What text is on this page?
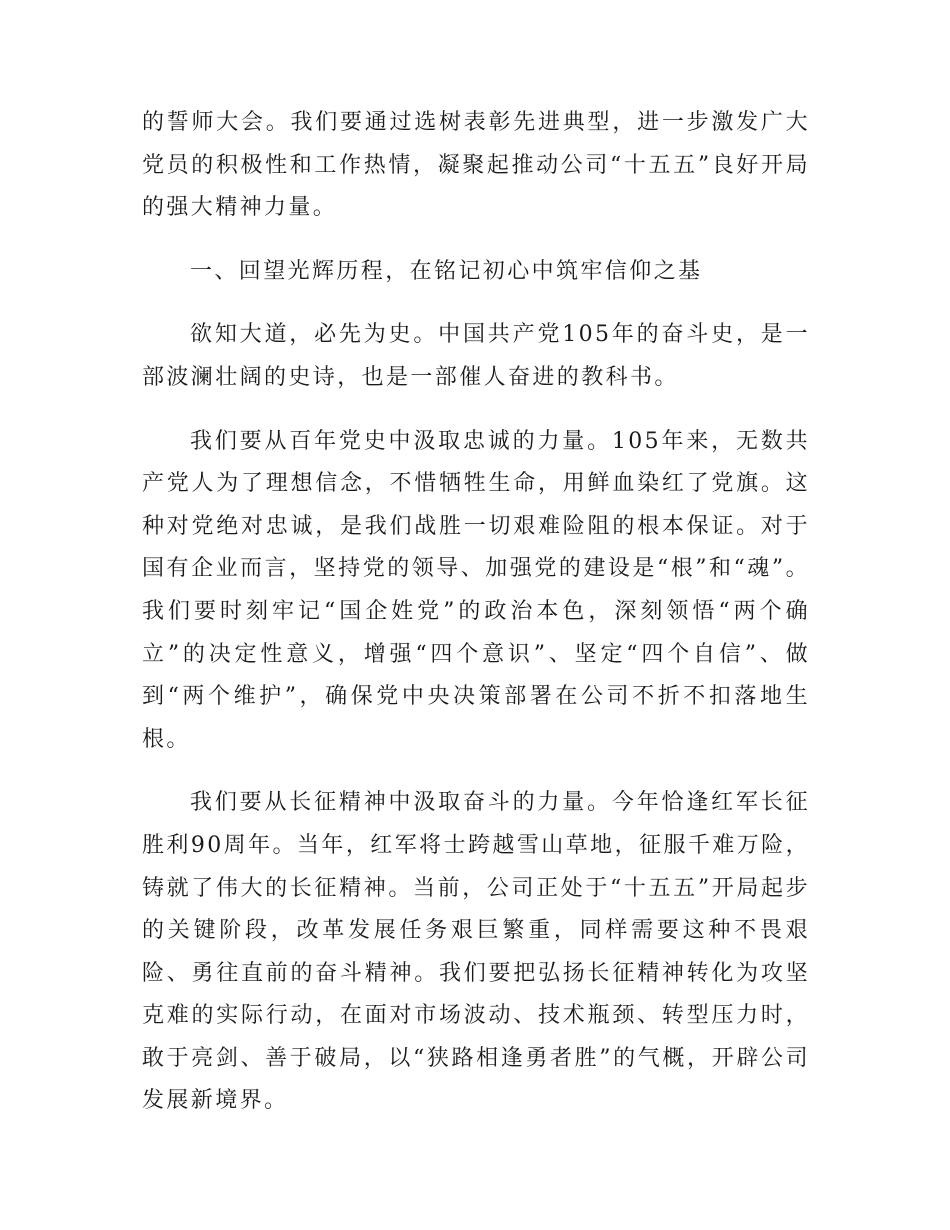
的誓师大会。我们要通过选树表彰先进典型，进一步激发广大党员的积极性和工作热情，凝聚起推动公司“十五五”良好开局的强大精神力量。

一、回望光辉历程，在铭记初心中筑牢信仰之基

欲知大道，必先为史。中国共产党105年的奋斗史，是一部波澜壮阔的史诗，也是一部催人奋进的教科书。

我们要从百年党史中汲取忠诚的力量。105年来，无数共产党人为了理想信念，不惜牺牲生命，用鲜血染红了党旗。这种对党绝对忠诚，是我们战胜一切艰难险阻的根本保证。对于国有企业而言，坚持党的领导、加强党的建设是“根”和“魂”。我们要时刻牢记“国企姓党”的政治本色，深刻领悟“两个确立”的决定性意义，增强“四个意识”、坚定“四个自信”、做到“两个维护”，确保党中央决策部署在公司不折不扣落地生根。

我们要从长征精神中汲取奋斗的力量。今年恰逢红军长征胜利90周年。当年，红军将士跨越雪山草地，征服千难万险，铸就了伟大的长征精神。当前，公司正处于“十五五”开局起步的关键阶段，改革发展任务艰巨繁重，同样需要这种不畏艰险、勇往直前的奋斗精神。我们要把弘扬长征精神转化为攻坚克难的实际行动，在面对市场波动、技术瓶颈、转型压力时，敢于亮剑、善于破局，以“狭路相逢勇者胜”的气概，开辟公司发展新境界。
